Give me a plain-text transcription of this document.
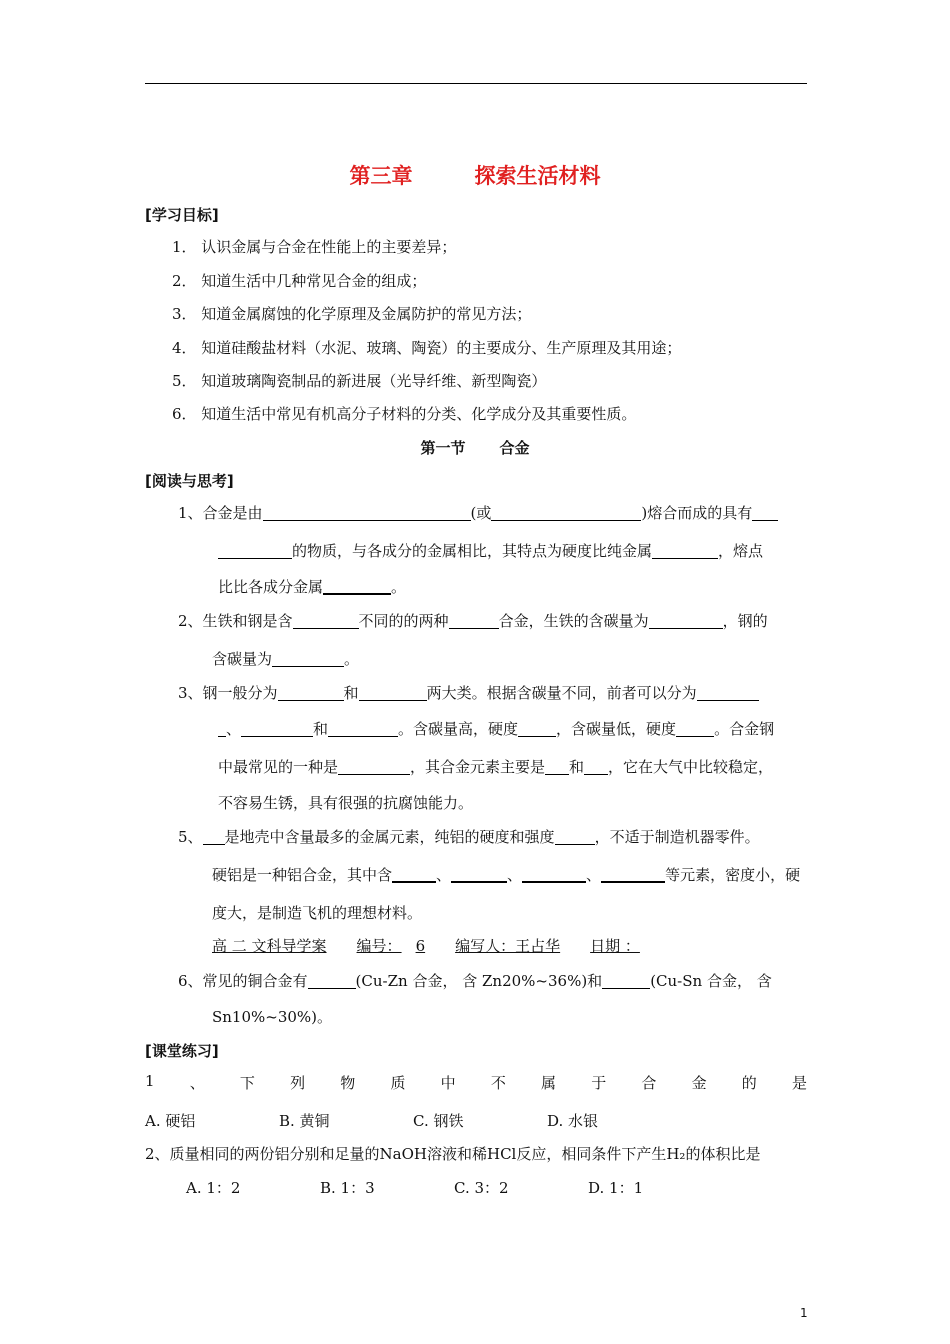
第三章	探索生活材料
[学习目标]
1． 认识金属与合金在性能上的主要差异；
2． 知道生活中几种常见合金的组成；
3． 知道金属腐蚀的化学原理及金属防护的常见方法；
4． 知道硅酸盐材料（水泥、玻璃、陶瓷）的主要成分、生产原理及其用途；
5． 知道玻璃陶瓷制品的新进展（光导纤维、新型陶瓷）
6． 知道生活中常见有机高分子材料的分类、化学成分及其重要性质。
第一节 合金
[阅读与思考]
1、合金是由	(或	)熔合而成的具有
的物质，与各成分的金属相比，其特点为硬度比纯金属	，熔点
比比各成分金属	。
2、生铁和钢是含	不同的的两种	合金，生铁的含碳量为	，钢的
含碳量为	。
3、钢一般分为	和	两大类。根据含碳量不同，前者可以分为
、	和	。含碳量高，硬度	，含碳量低，硬度	。合金钢
中最常见的一种是	，其合金元素主要是 和 ，它在大气中比较稳定，
不容易生锈，具有很强的抗腐蚀能力。
5、 是地壳中含量最多的金属元素，纯铝的硬度和强度	，不适于制造机器零件。
硬铝是一种铝合金，其中含	、	、	、	等元素，密度小，硬
度大，是制造飞机的理想材料。
高 二 文科导学案 编号： 6 编写人：王占华 日期 ：
6、常见的铜合金有	(Cu-Zn 合金， 含 Zn20%~36%)和	(Cu-Sn 合金， 含
Sn10%~30%)。
[课堂练习]
1 、 下 列 物 质 中 不 属 于 合 金 的 是
A. 硬铝	B. 黄铜	C. 钢铁	D. 水银
2、质量相同的两份铝分别和足量的NaOH溶液和稀HCl反应，相同条件下产生H₂的体积比是
A. 1：2	B. 1：3	C. 3：2	D. 1：1
1
